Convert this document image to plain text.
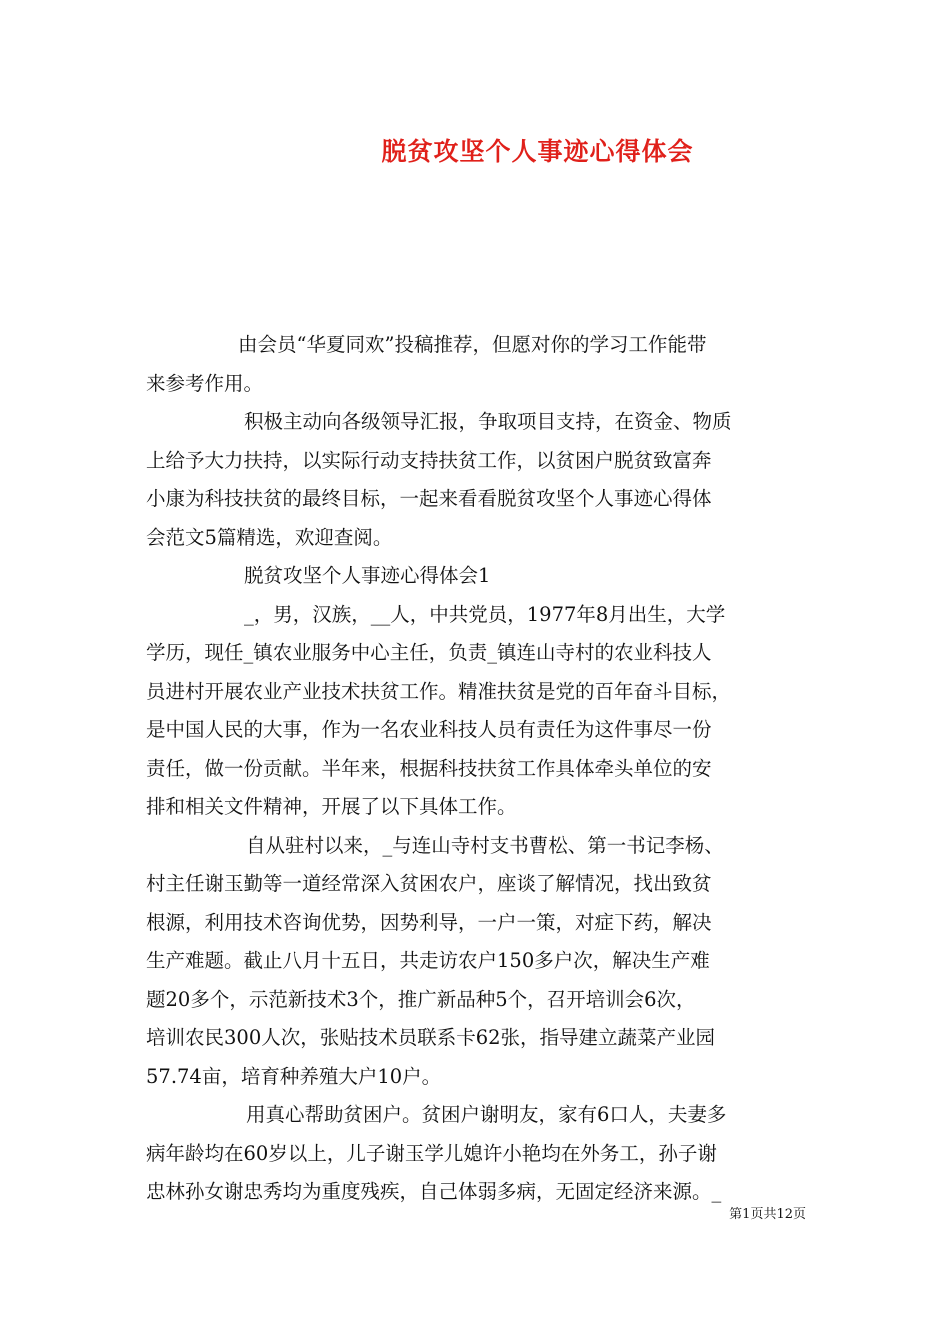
脱贫攻坚个人事迹心得体会
由会员“华夏同欢”投稿推荐，但愿对你的学习工作能带
来参考作用。
积极主动向各级领导汇报，争取项目支持，在资金、物质
上给予大力扶持，以实际行动支持扶贫工作，以贫困户脱贫致富奔
小康为科技扶贫的最终目标，一起来看看脱贫攻坚个人事迹心得体
会范文5篇精选，欢迎查阅。
脱贫攻坚个人事迹心得体会1
_，男，汉族，__人，中共党员，1977年8月出生，大学
学历，现任_镇农业服务中心主任，负责_镇连山寺村的农业科技人
员进村开展农业产业技术扶贫工作。精准扶贫是党的百年奋斗目标，
是中国人民的大事，作为一名农业科技人员有责任为这件事尽一份
责任，做一份贡献。半年来，根据科技扶贫工作具体牵头单位的安
排和相关文件精神，开展了以下具体工作。
自从驻村以来，_与连山寺村支书曹松、第一书记李杨、
村主任谢玉勤等一道经常深入贫困农户，座谈了解情况，找出致贫
根源，利用技术咨询优势，因势利导，一户一策，对症下药，解决
生产难题。截止八月十五日，共走访农户150多户次，解决生产难
题20多个，示范新技术3个，推广新品种5个，召开培训会6次，
培训农民300人次，张贴技术员联系卡62张，指导建立蔬菜产业园
57.74亩，培育种养殖大户10户。
用真心帮助贫困户。贫困户谢明友，家有6口人，夫妻多
病年龄均在60岁以上，儿子谢玉学儿媳许小艳均在外务工，孙子谢
忠林孙女谢忠秀均为重度残疾，自己体弱多病，无固定经济来源。_
第1页共12页
